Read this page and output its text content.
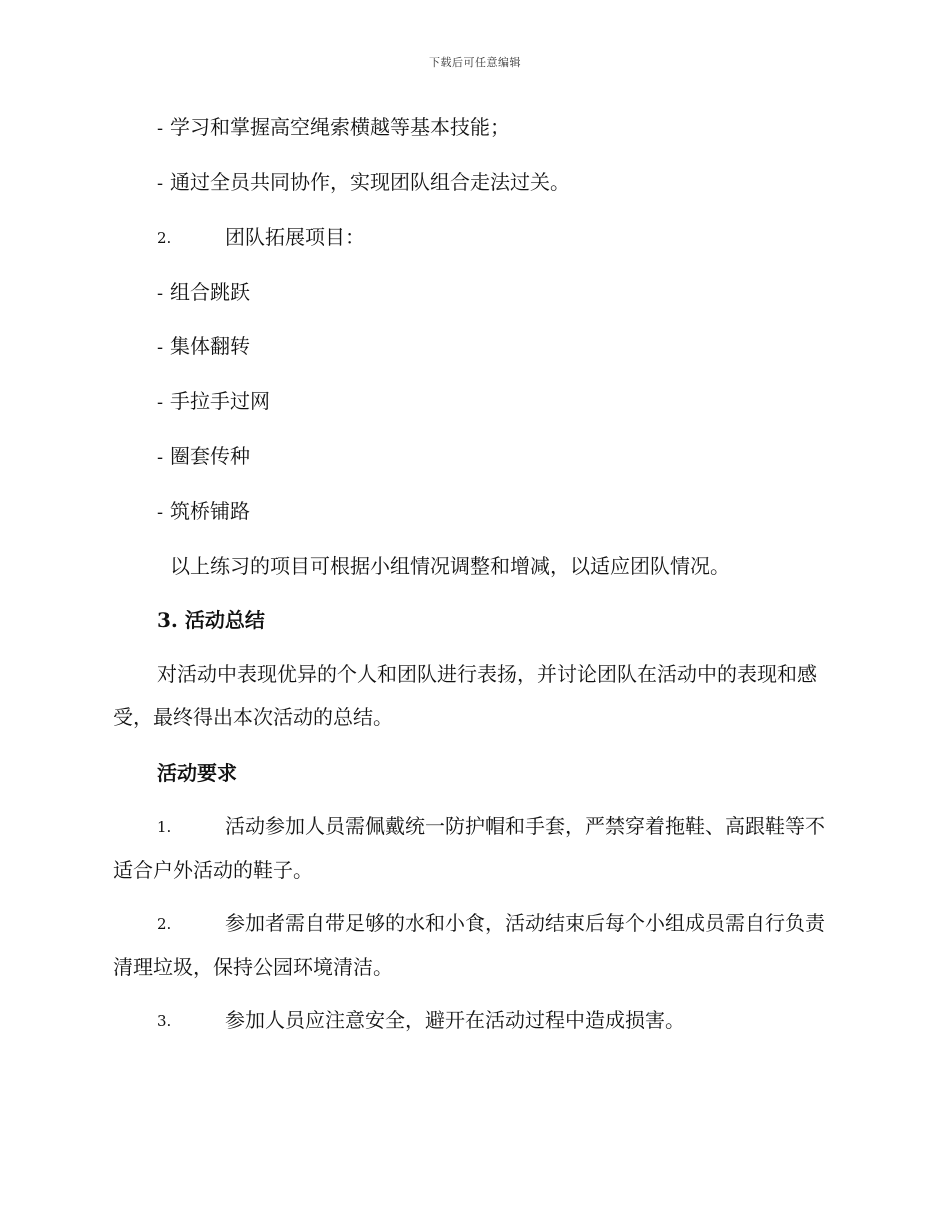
下载后可任意编辑
- 学习和掌握高空绳索横越等基本技能；
- 通过全员共同协作，实现团队组合走法过关。
2.	团队拓展项目：
- 组合跳跃
- 集体翻转
- 手拉手过网
- 圈套传种
- 筑桥铺路
以上练习的项目可根据小组情况调整和增减，以适应团队情况。
3. 活动总结
对活动中表现优异的个人和团队进行表扬，并讨论团队在活动中的表现和感受，最终得出本次活动的总结。
活动要求
1.	活动参加人员需佩戴统一防护帽和手套，严禁穿着拖鞋、高跟鞋等不适合户外活动的鞋子。
2.	参加者需自带足够的水和小食，活动结束后每个小组成员需自行负责清理垃圾，保持公园环境清洁。
3.	参加人员应注意安全，避开在活动过程中造成损害。
